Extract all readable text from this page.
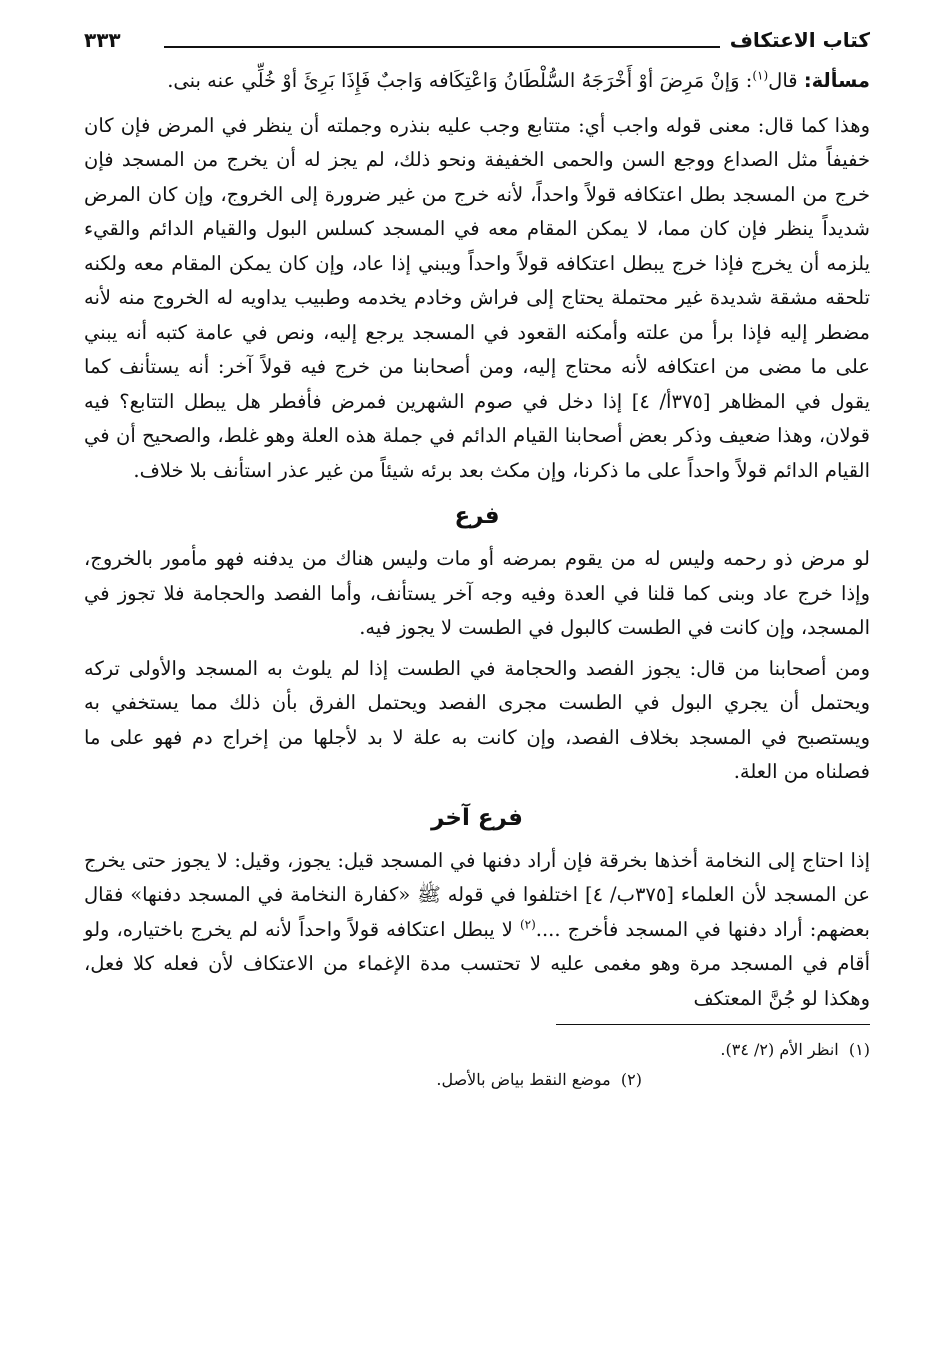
كتاب الاعتكاف
٣٣٣

مسألة: قال$^{(١)}$: وَإنْ مَرِضَ أوْ أَخْرَجَهُ السُّلْطَانُ وَاعْتِكَافه وَاجبٌ فَإِذَا بَرِئَ أوْ خُلِّي عنه بنى.

وهذا كما قال: معنى قوله واجب أي: متتابع وجب عليه بنذره وجملته أن ينظر في المرض فإن كان خفيفاً مثل الصداع ووجع السن والحمى الخفيفة ونحو ذلك، لم يجز له أن يخرج من المسجد فإن خرج من المسجد بطل اعتكافه قولاً واحداً، لأنه خرج من غير ضرورة إلى الخروج، وإن كان المرض شديداً ينظر فإن كان مما، لا يمكن المقام معه في المسجد كسلس البول والقيام الدائم والقيء يلزمه أن يخرج فإذا خرج يبطل اعتكافه قولاً واحداً ويبني إذا عاد، وإن كان يمكن المقام معه ولكنه تلحقه مشقة شديدة غير محتملة يحتاج إلى فراش وخادم يخدمه وطبيب يداويه له الخروج منه لأنه مضطر إليه فإذا برأ من علته وأمكنه القعود في المسجد يرجع إليه، ونص في عامة كتبه أنه يبني على ما مضى من اعتكافه لأنه محتاج إليه، ومن أصحابنا من خرج فيه قولاً آخر: أنه يستأنف كما يقول في المظاهر [٣٧٥أ/ ٤] إذا دخل في صوم الشهرين فمرض فأفطر هل يبطل التتابع؟ فيه قولان، وهذا ضعيف وذكر بعض أصحابنا القيام الدائم في جملة هذه العلة وهو غلط، والصحيح أن في القيام الدائم قولاً واحداً على ما ذكرنا، وإن مكث بعد برئه شيئاً من غير عذر استأنف بلا خلاف.

فرع

لو مرض ذو رحمه وليس له من يقوم بمرضه أو مات وليس هناك من يدفنه فهو مأمور بالخروج، وإذا خرج عاد وبنى كما قلنا في العدة وفيه وجه آخر يستأنف، وأما الفصد والحجامة فلا تجوز في المسجد، وإن كانت في الطست كالبول في الطست لا يجوز فيه.

ومن أصحابنا من قال: يجوز الفصد والحجامة في الطست إذا لم يلوث به المسجد والأولى تركه ويحتمل أن يجري البول في الطست مجرى الفصد ويحتمل الفرق بأن ذلك مما يستخفي به ويستصبح في المسجد بخلاف الفصد، وإن كانت به علة لا بد لأجلها من إخراج دم فهو على ما فصلناه من العلة.

فرع آخر

إذا احتاج إلى النخامة أخذها بخرقة فإن أراد دفنها في المسجد قيل: يجوز، وقيل: لا يجوز حتى يخرج عن المسجد لأن العلماء [٣٧٥ب/ ٤] اختلفوا في قوله ﷺ «كفارة النخامة في المسجد دفنها» فقال بعضهم: أراد دفنها في المسجد فأخرج ....$^{(٢)}$ لا يبطل اعتكافه قولاً واحداً لأنه لم يخرج باختياره، ولو أقام في المسجد مرة وهو مغمى عليه لا تحتسب مدة الإغماء من الاعتكاف لأن فعله كلا فعل، وهكذا لو جُنَّ المعتكف

(١)  انظر الأم (٢/ ٣٤).
(٢)  موضع النقط بياض بالأصل.
